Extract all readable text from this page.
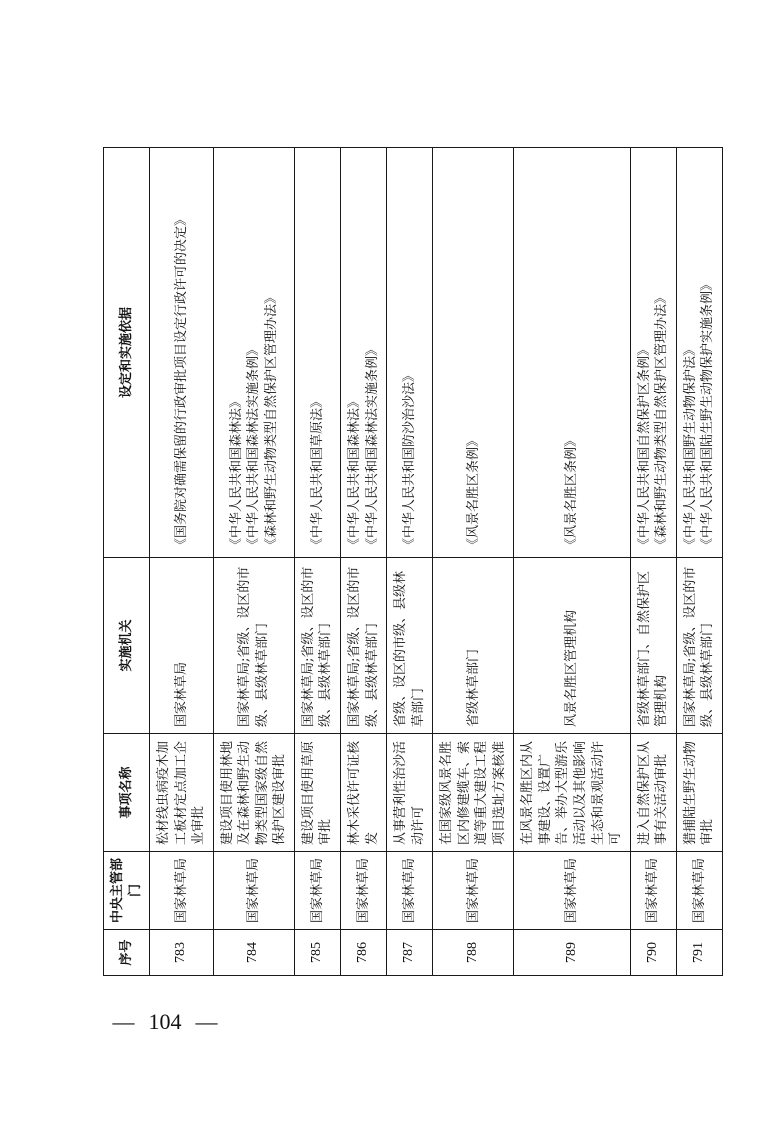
— 104 —
序号	中央主管部门	事项名称	实施机关	设定和实施依据
783	国家林草局	松材线虫病疫木加工板材定点加工企业审批	国家林草局	《国务院对确需保留的行政审批项目设定行政许可的决定》

784	国家林草局	建设项目使用林地及在森林和野生动物类型国家级自然保护区建设审批	国家林草局;省级、设区的市级、县级林草部门	《中华人民共和国森林法》 《中华人民共和国森林法实施条例》 《森林和野生动物类型自然保护区管理办法》

785	国家林草局	建设项目使用草原审批	国家林草局;省级、设区的市级、县级林草部门	《中华人民共和国草原法》

786	国家林草局	林木采伐许可证核发	国家林草局;省级、设区的市级、县级林草部门	《中华人民共和国森林法》 《中华人民共和国森林法实施条例》

787	国家林草局	从事营利性治沙活动许可	省级、设区的市级、县级林草部门	《中华人民共和国防沙治沙法》

788	国家林草局	在国家级风景名胜区内修建缆车、索道等重大建设工程项目选址方案核准	省级林草部门	《风景名胜区条例》

789	国家林草局	在风景名胜区内从事建设、设置广告、举办大型游乐活动以及其他影响生态和景观活动许可	风景名胜区管理机构	《风景名胜区条例》

790	国家林草局	进入自然保护区从事有关活动审批	省级林草部门、自然保护区管理机构	《中华人民共和国自然保护区条例》 《森林和野生动物类型自然保护区管理办法》

791	国家林草局	猎捕陆生野生动物审批	国家林草局;省级、设区的市级、县级林草部门	《中华人民共和国野生动物保护法》 《中华人民共和国陆生野生动物保护实施条例》
